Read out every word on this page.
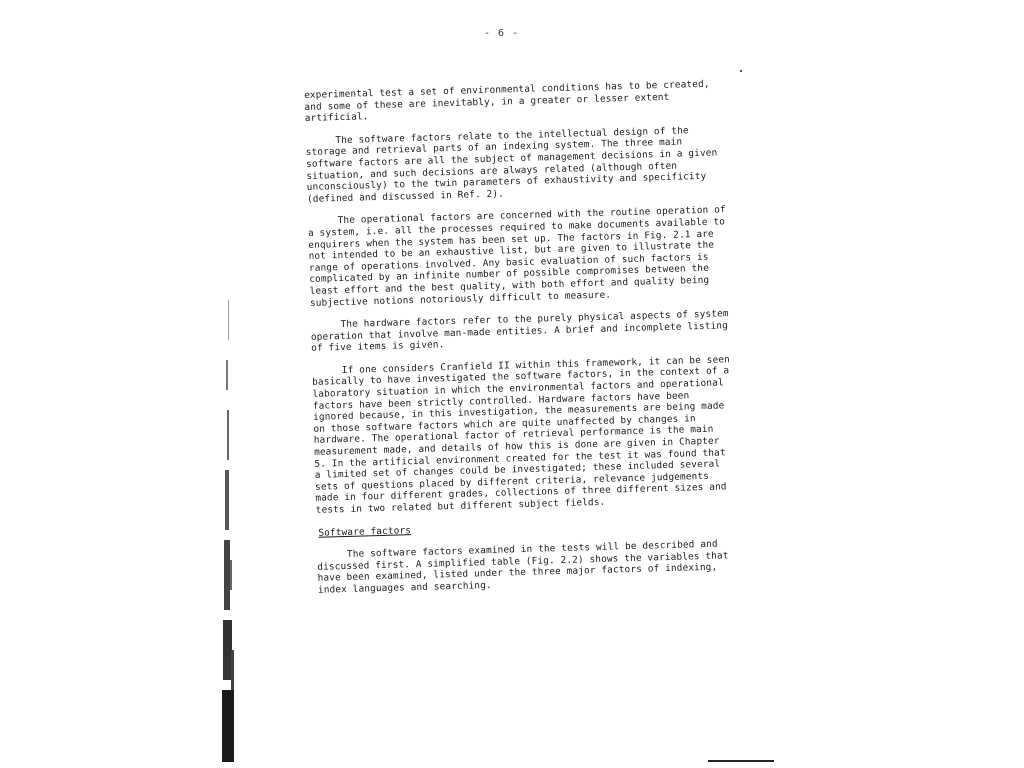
- 6 -

experimental test a set of environmental conditions has to be created, and some of these are inevitably, in a greater or lesser extent artificial.

The software factors relate to the intellectual design of the storage and retrieval parts of an indexing system. The three main software factors are all the subject of management decisions in a given situation, and such decisions are always related (although often unconsciously) to the twin parameters of exhaustivity and specificity (defined and discussed in Ref. 2).

The operational factors are concerned with the routine operation of a system, i.e. all the processes required to make documents available to enquirers when the system has been set up. The factors in Fig. 2.1 are not intended to be an exhaustive list, but are given to illustrate the range of operations involved. Any basic evaluation of such factors is complicated by an infinite number of possible compromises between the least effort and the best quality, with both effort and quality being subjective notions notoriously difficult to measure.

The hardware factors refer to the purely physical aspects of system operation that involve man-made entities. A brief and incomplete listing of five items is given.

If one considers Cranfield II within this framework, it can be seen basically to have investigated the software factors, in the context of a laboratory situation in which the environmental factors and operational factors have been strictly controlled. Hardware factors have been ignored because, in this investigation, the measurements are being made on those software factors which are quite unaffected by changes in hardware. The operational factor of retrieval performance is the main measurement made, and details of how this is done are given in Chapter 5. In the artificial environment created for the test it was found that a limited set of changes could be investigated; these included several sets of questions placed by different criteria, relevance judgements made in four different grades, collections of three different sizes and tests in two related but different subject fields.

Software factors

The software factors examined in the tests will be described and discussed first. A simplified table (Fig. 2.2) shows the variables that have been examined, listed under the three major factors of indexing, index languages and searching.
